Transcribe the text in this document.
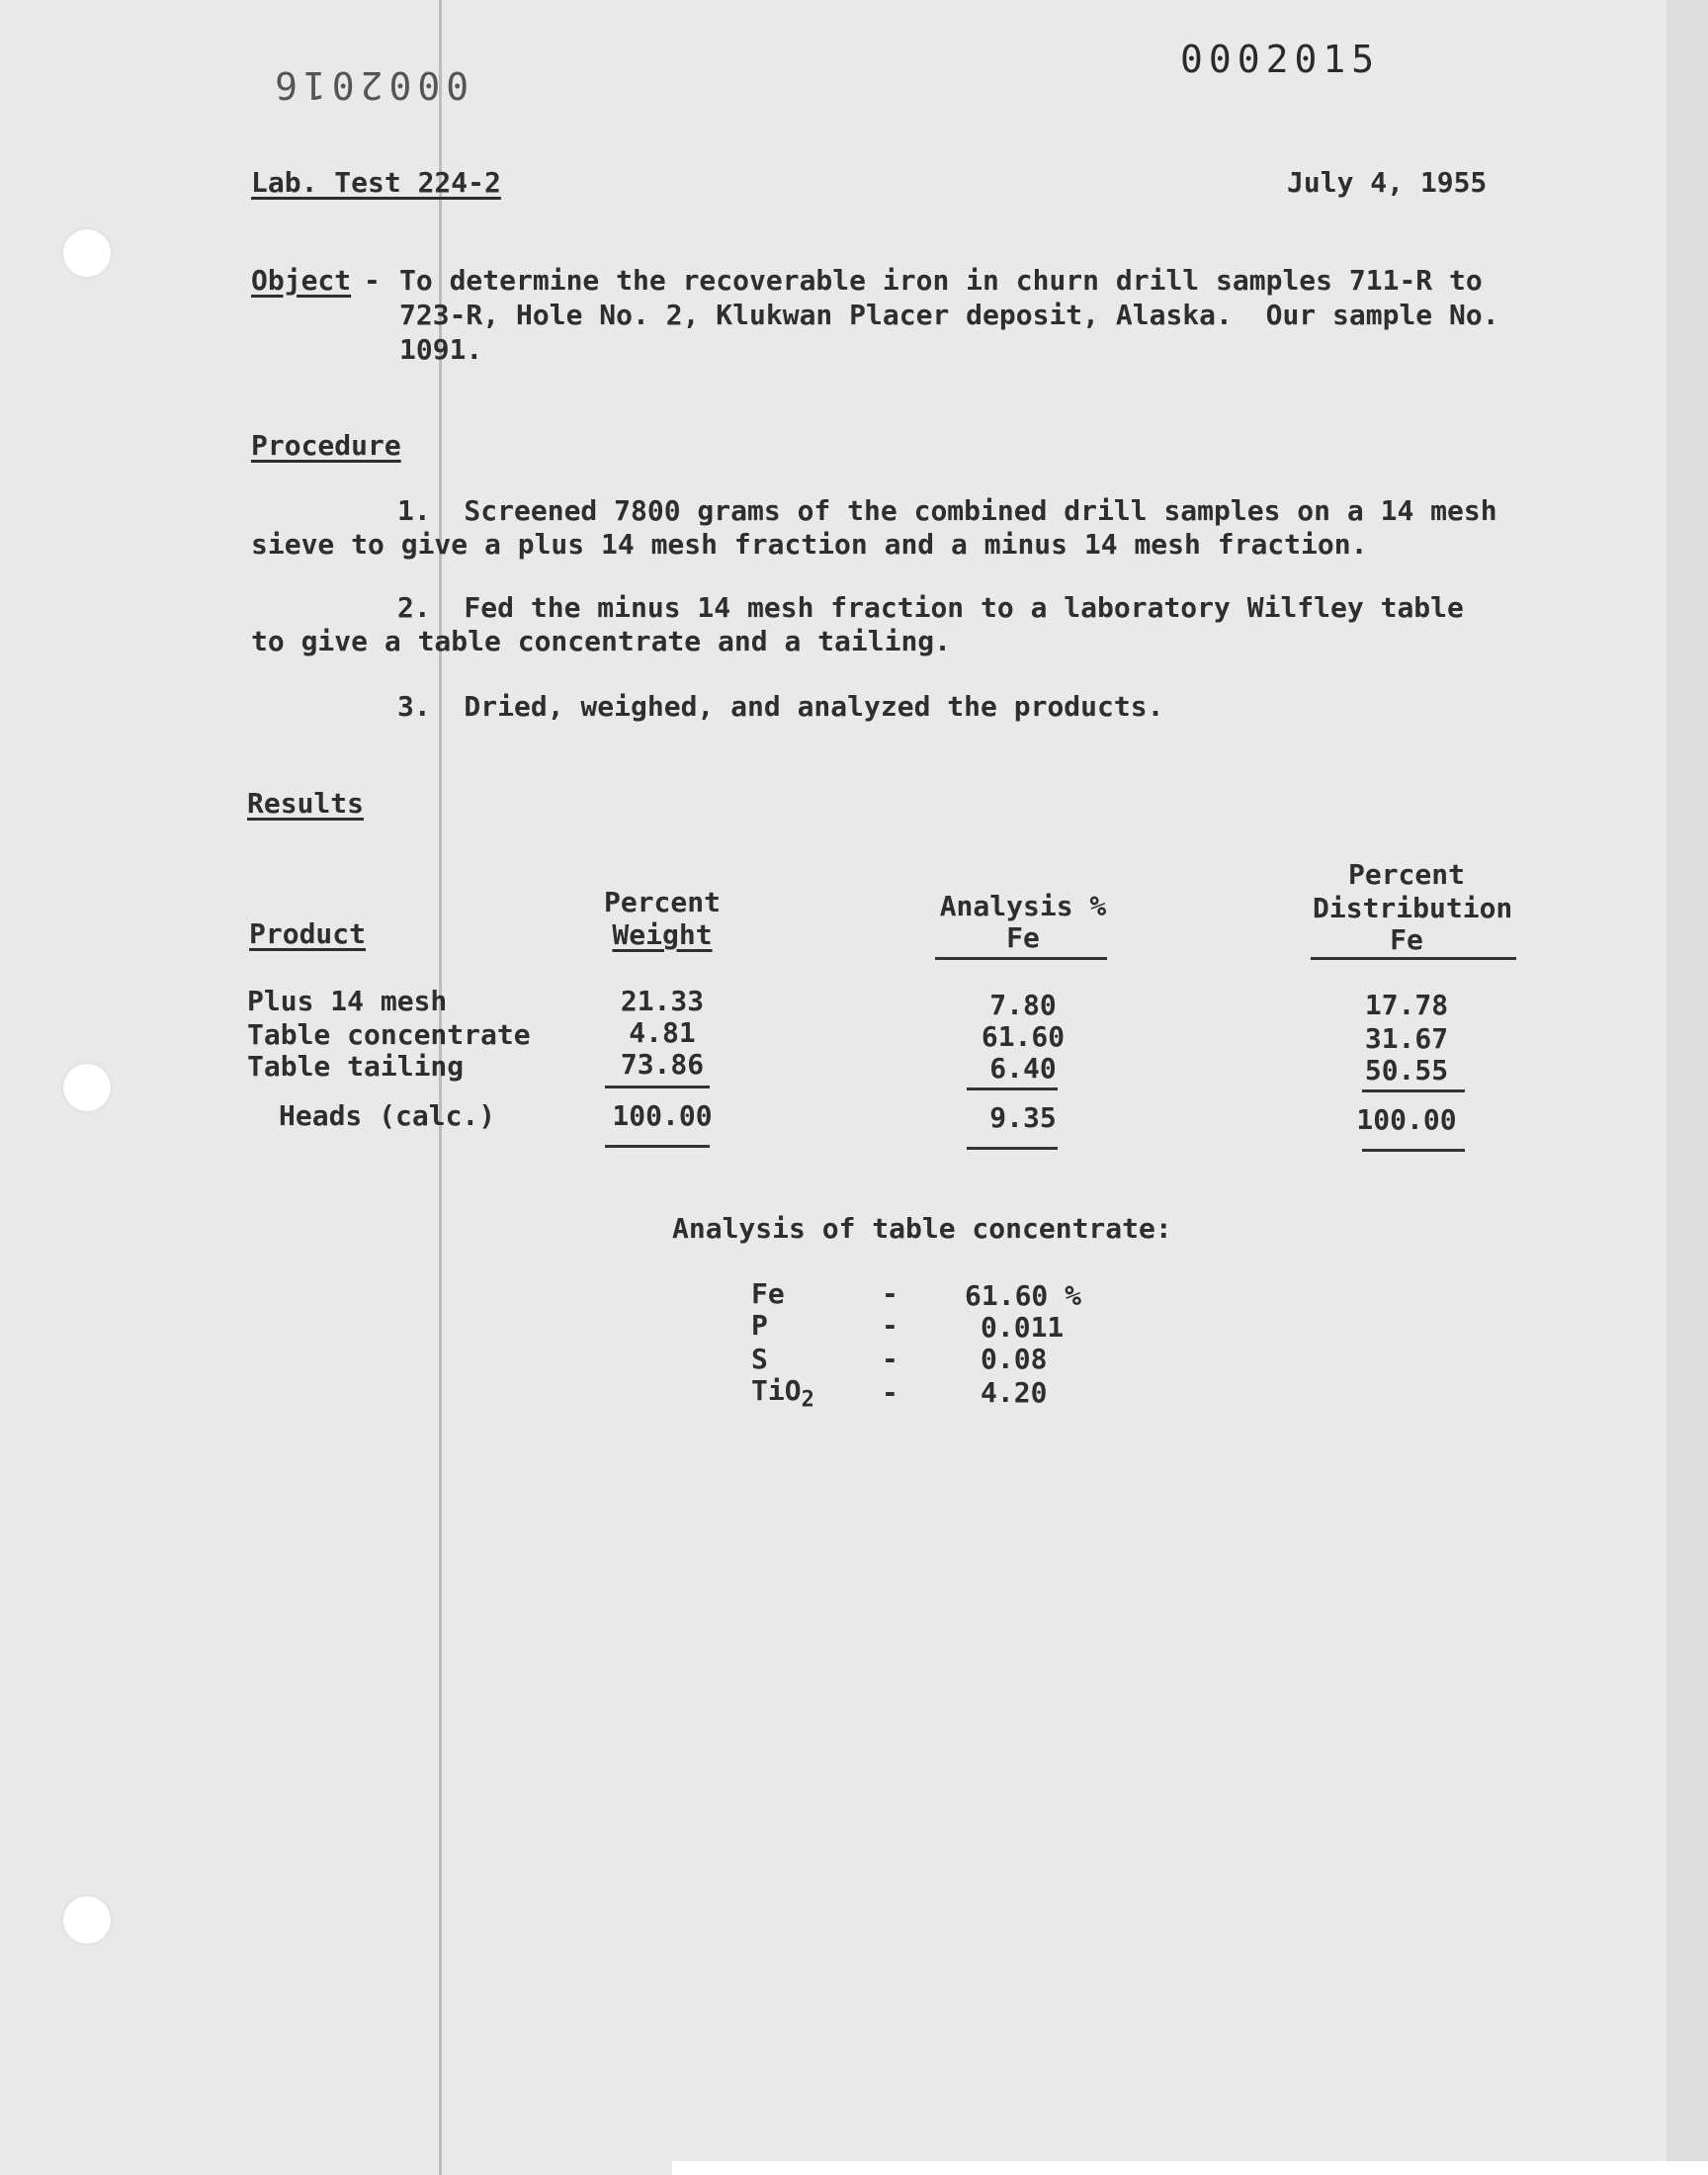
0002015
0002016
Lab. Test 224-2	July 4, 1955
Object - To determine the recoverable iron in churn drill samples 711-R to
723-R, Hole No. 2, Klukwan Placer deposit, Alaska.  Our sample No.
1091.
Procedure
1.  Screened 7800 grams of the combined drill samples on a 14 mesh
sieve to give a plus 14 mesh fraction and a minus 14 mesh fraction.
2.  Fed the minus 14 mesh fraction to a laboratory Wilfley table
to give a table concentrate and a tailing.
3.  Dried, weighed, and analyzed the products.
Results
Product
Percent
Weight
Analysis %
Fe
Percent
Distribution
Fe
Plus 14 mesh	21.33	7.80	17.78
Table concentrate	4.81	61.60	31.67
Table tailing	73.86	6.40	50.55
Heads (calc.)	100.00	9.35	100.00
Analysis of table concentrate:
Fe	- 61.60 %
P	-	0.011
S	-	0.08
TiO$_2$ -	4.20
